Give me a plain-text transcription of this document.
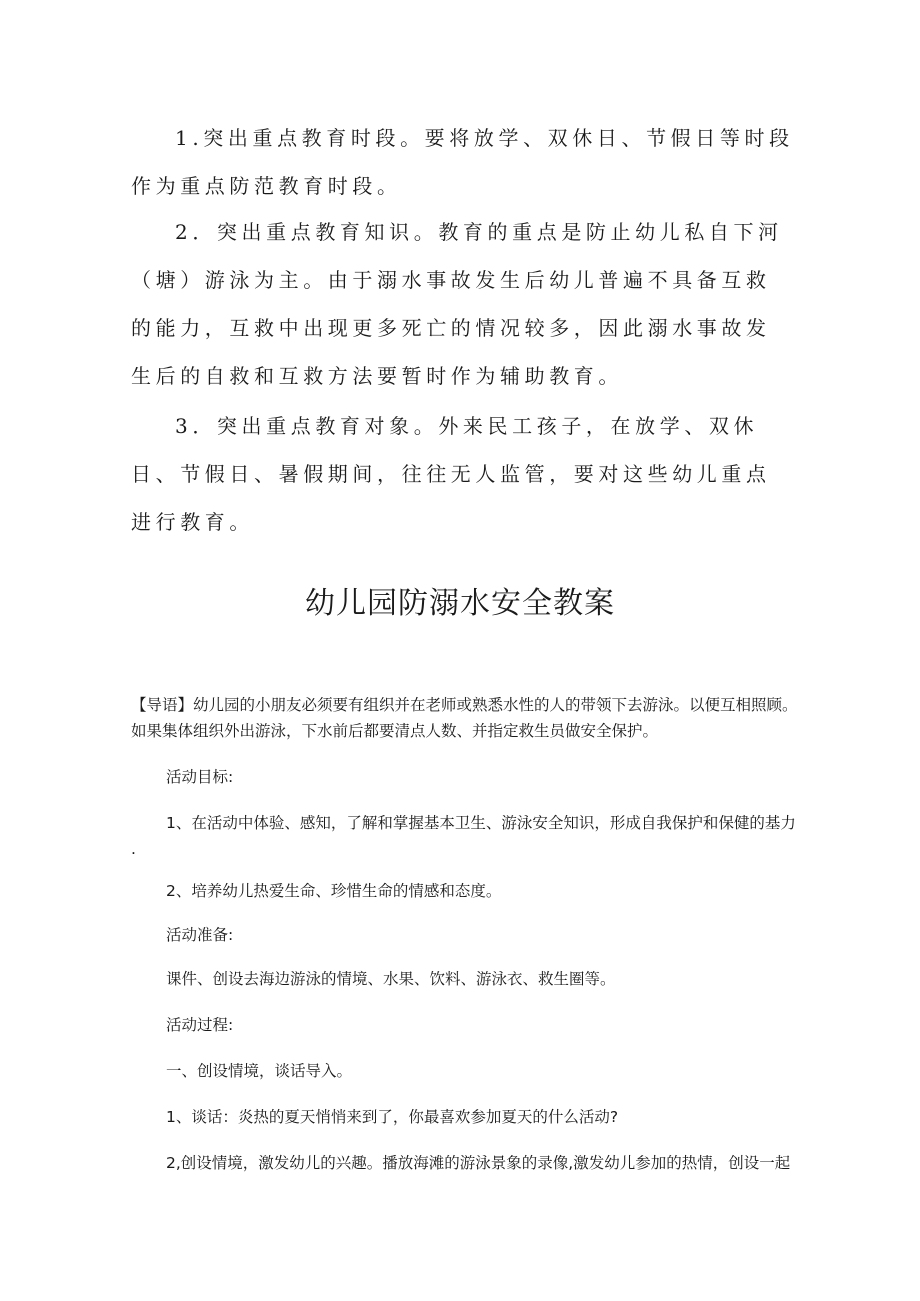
1.突出重点教育时段。要将放学、双休日、节假日等时段作为重点防范教育时段。

2．突出重点教育知识。教育的重点是防止幼儿私自下河（塘）游泳为主。由于溺水事故发生后幼儿普遍不具备互救的能力，互救中出现更多死亡的情况较多，因此溺水事故发生后的自救和互救方法要暂时作为辅助教育。

3．突出重点教育对象。外来民工孩子，在放学、双休日、节假日、暑假期间，往往无人监管，要对这些幼儿重点进行教育。

幼儿园防溺水安全教案

【导语】幼儿园的小朋友必须要有组织并在老师或熟悉水性的人的带领下去游泳。以便互相照顾。如果集体组织外出游泳，下水前后都要清点人数、并指定救生员做安全保护。

活动目标:

1、在活动中体验、感知，了解和掌握基本卫生、游泳安全知识，形成自我保护和保健的基力

.

2、培养幼儿热爱生命、珍惜生命的情感和态度。

活动准备:

课件、创设去海边游泳的情境、水果、饮料、游泳衣、救生圈等。

活动过程:

一、创设情境，谈话导入。

1、谈话：炎热的夏天悄悄来到了，你最喜欢参加夏天的什么活动?

2,创设情境，激发幼儿的兴趣。播放海滩的游泳景象的录像,激发幼儿参加的热情，创设一起
